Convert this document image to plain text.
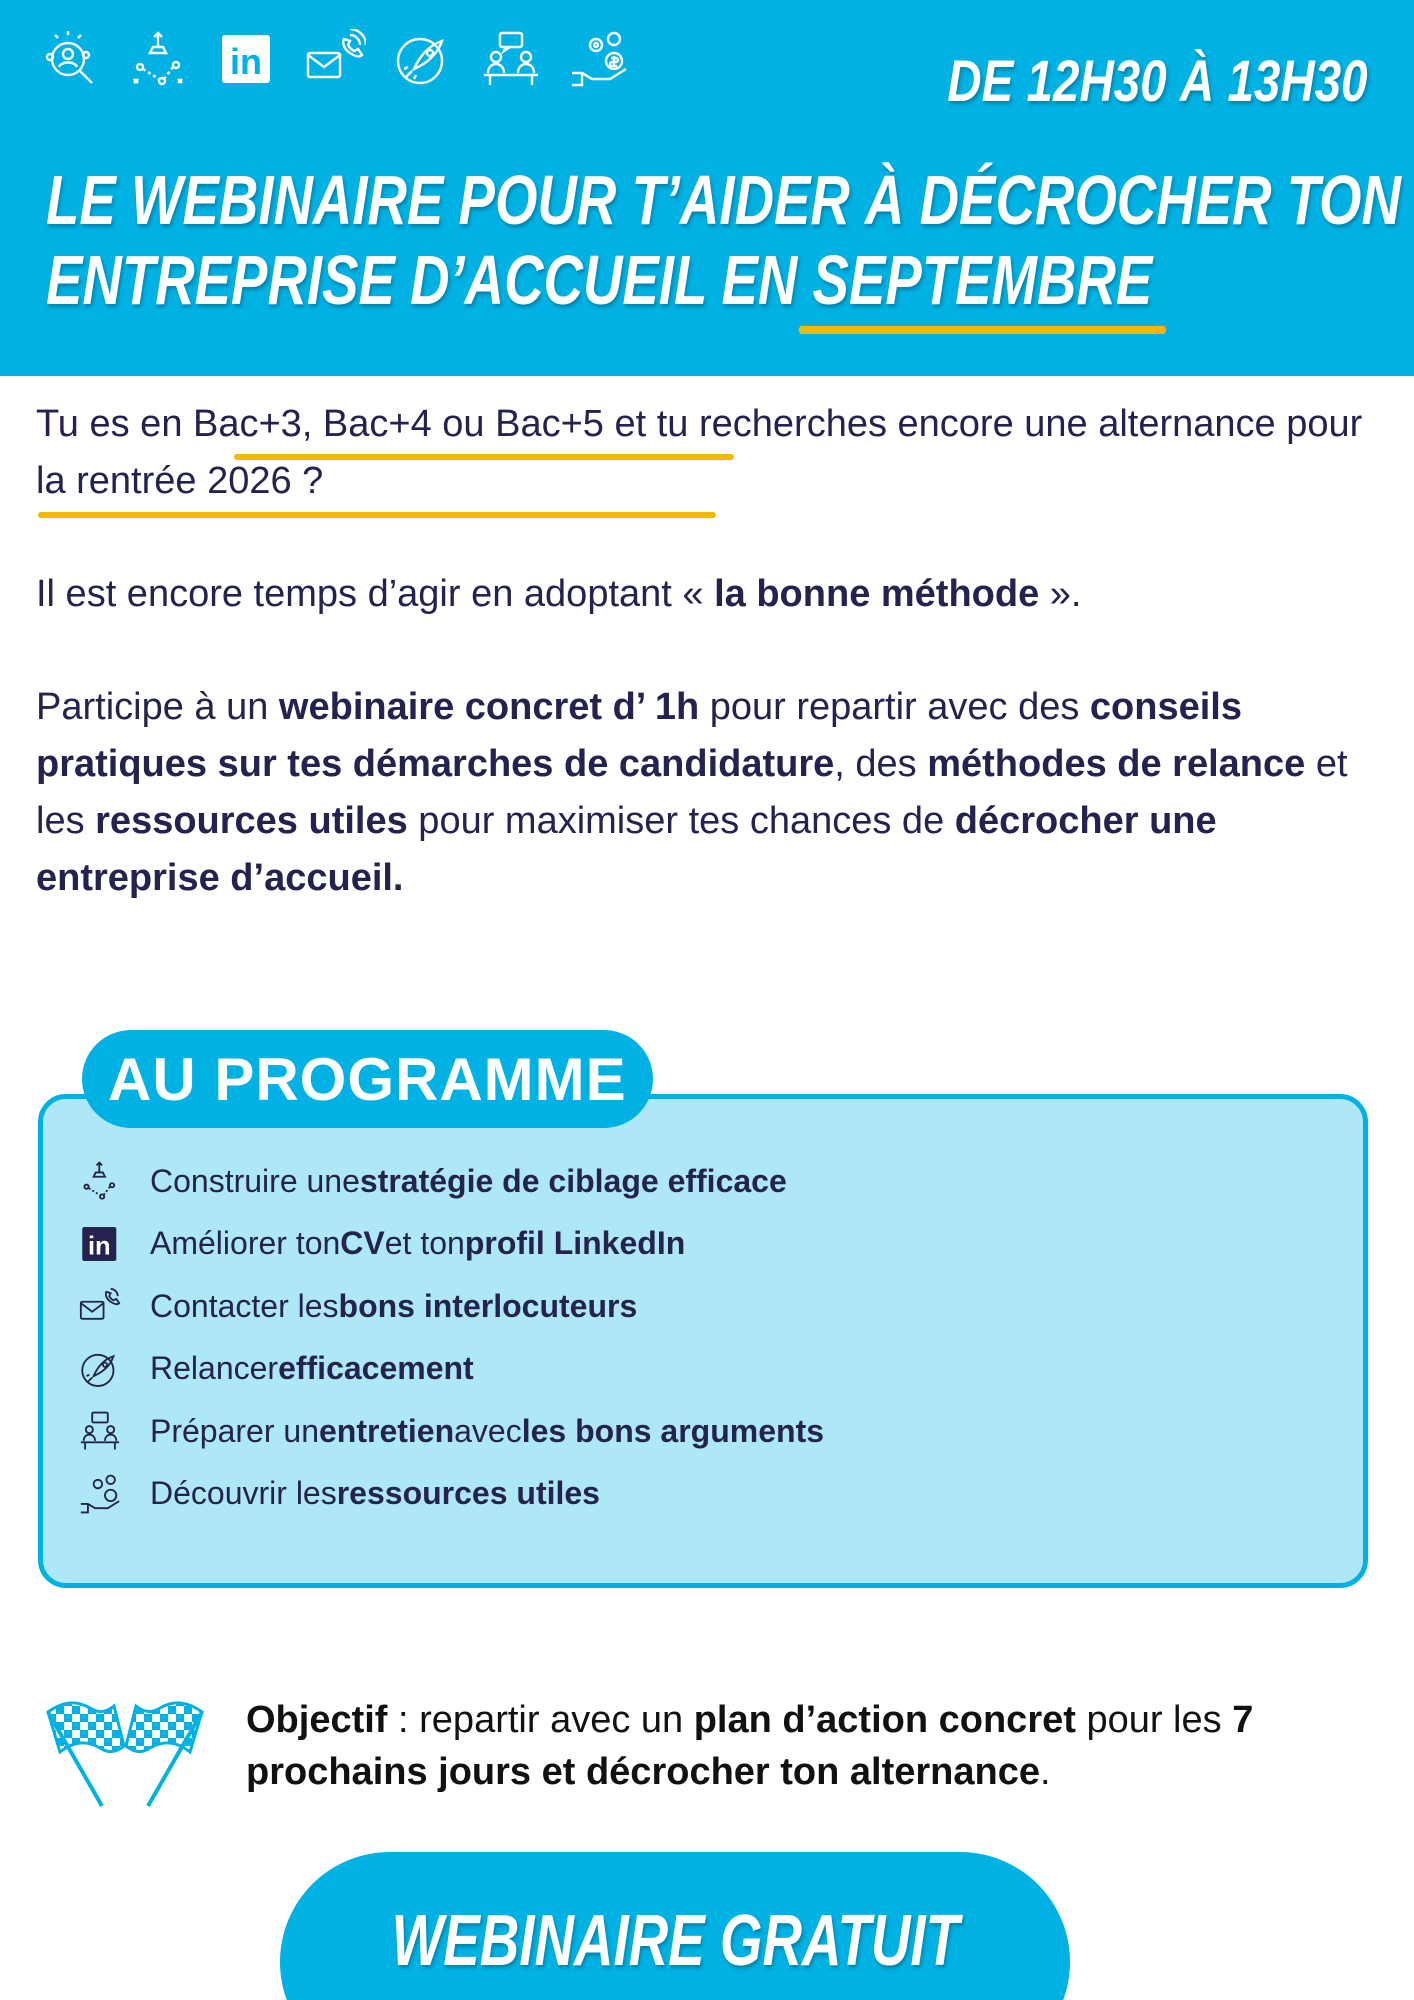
in	DE 12H30 À 13H30
LE WEBINAIRE POUR T’AIDER À DÉCROCHER TON
ENTREPRISE D’ACCUEIL EN SEPTEMBRE

Tu es en Bac+3, Bac+4 ou Bac+5 et tu recherches encore une alternance pour la rentrée 2026 ?

Il est encore temps d’agir en adoptant « la bonne méthode ».

Participe à un webinaire concret d’ 1h pour repartir avec des conseils pratiques sur tes démarches de candidature, des méthodes de relance et les ressources utiles pour maximiser tes chances de décrocher une entreprise d’accueil.

AU PROGRAMME
Construire une stratégie de ciblage efficace
in Améliorer ton CV et ton profil LinkedIn
Contacter les bons interlocuteurs
Relancer efficacement
Préparer un entretien avec les bons arguments
Découvrir les ressources utiles
Objectif : repartir avec un plan d’action concret pour les 7 prochains jours et décrocher ton alternance.
WEBINAIRE GRATUIT
